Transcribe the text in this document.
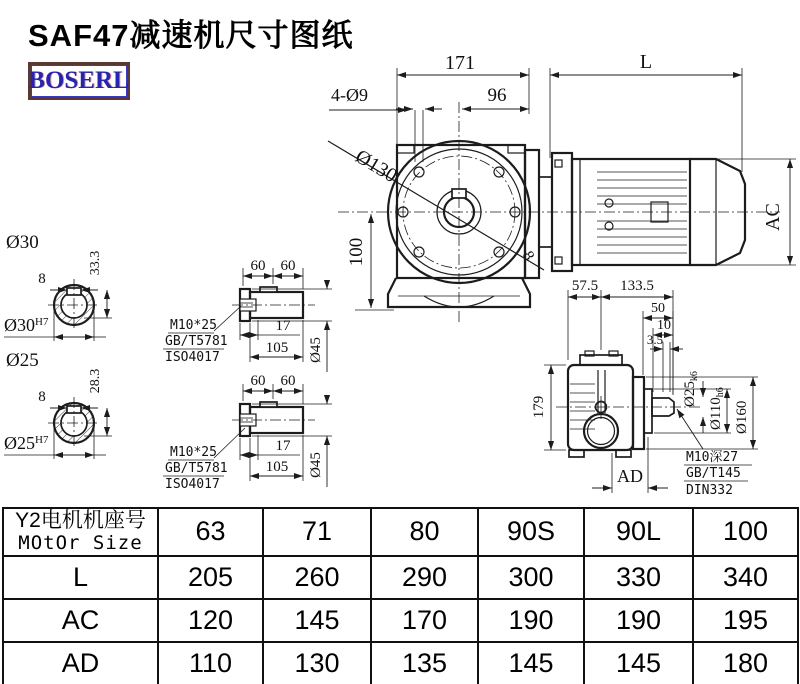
SAF47减速机尺寸图纸
BOSERL
171	L
96
4-Ø9
Ø130
8
100
AC
57.5 133.5
179
AD
50
10
3.5
Ø25k6
Ø110h6
Ø160
M10深27
GB/T145
DIN332
Ø30
8
33.3
$Ø30^{H7}$
Ø25
8
28.3
$Ø25^{H7}$
60 60
17
105 Ø45
M10*25
GB/T5781
ISO4017
60 60
17
105 Ø45
M10*25
GB/T5781
ISO4017
Y2电机机座号
MOtOr Size	63	71	80	90S	90L	100
L	205	260	290	300	330	340
AC	120	145	170	190	190	195
AD	110	130	135	145	145	180
